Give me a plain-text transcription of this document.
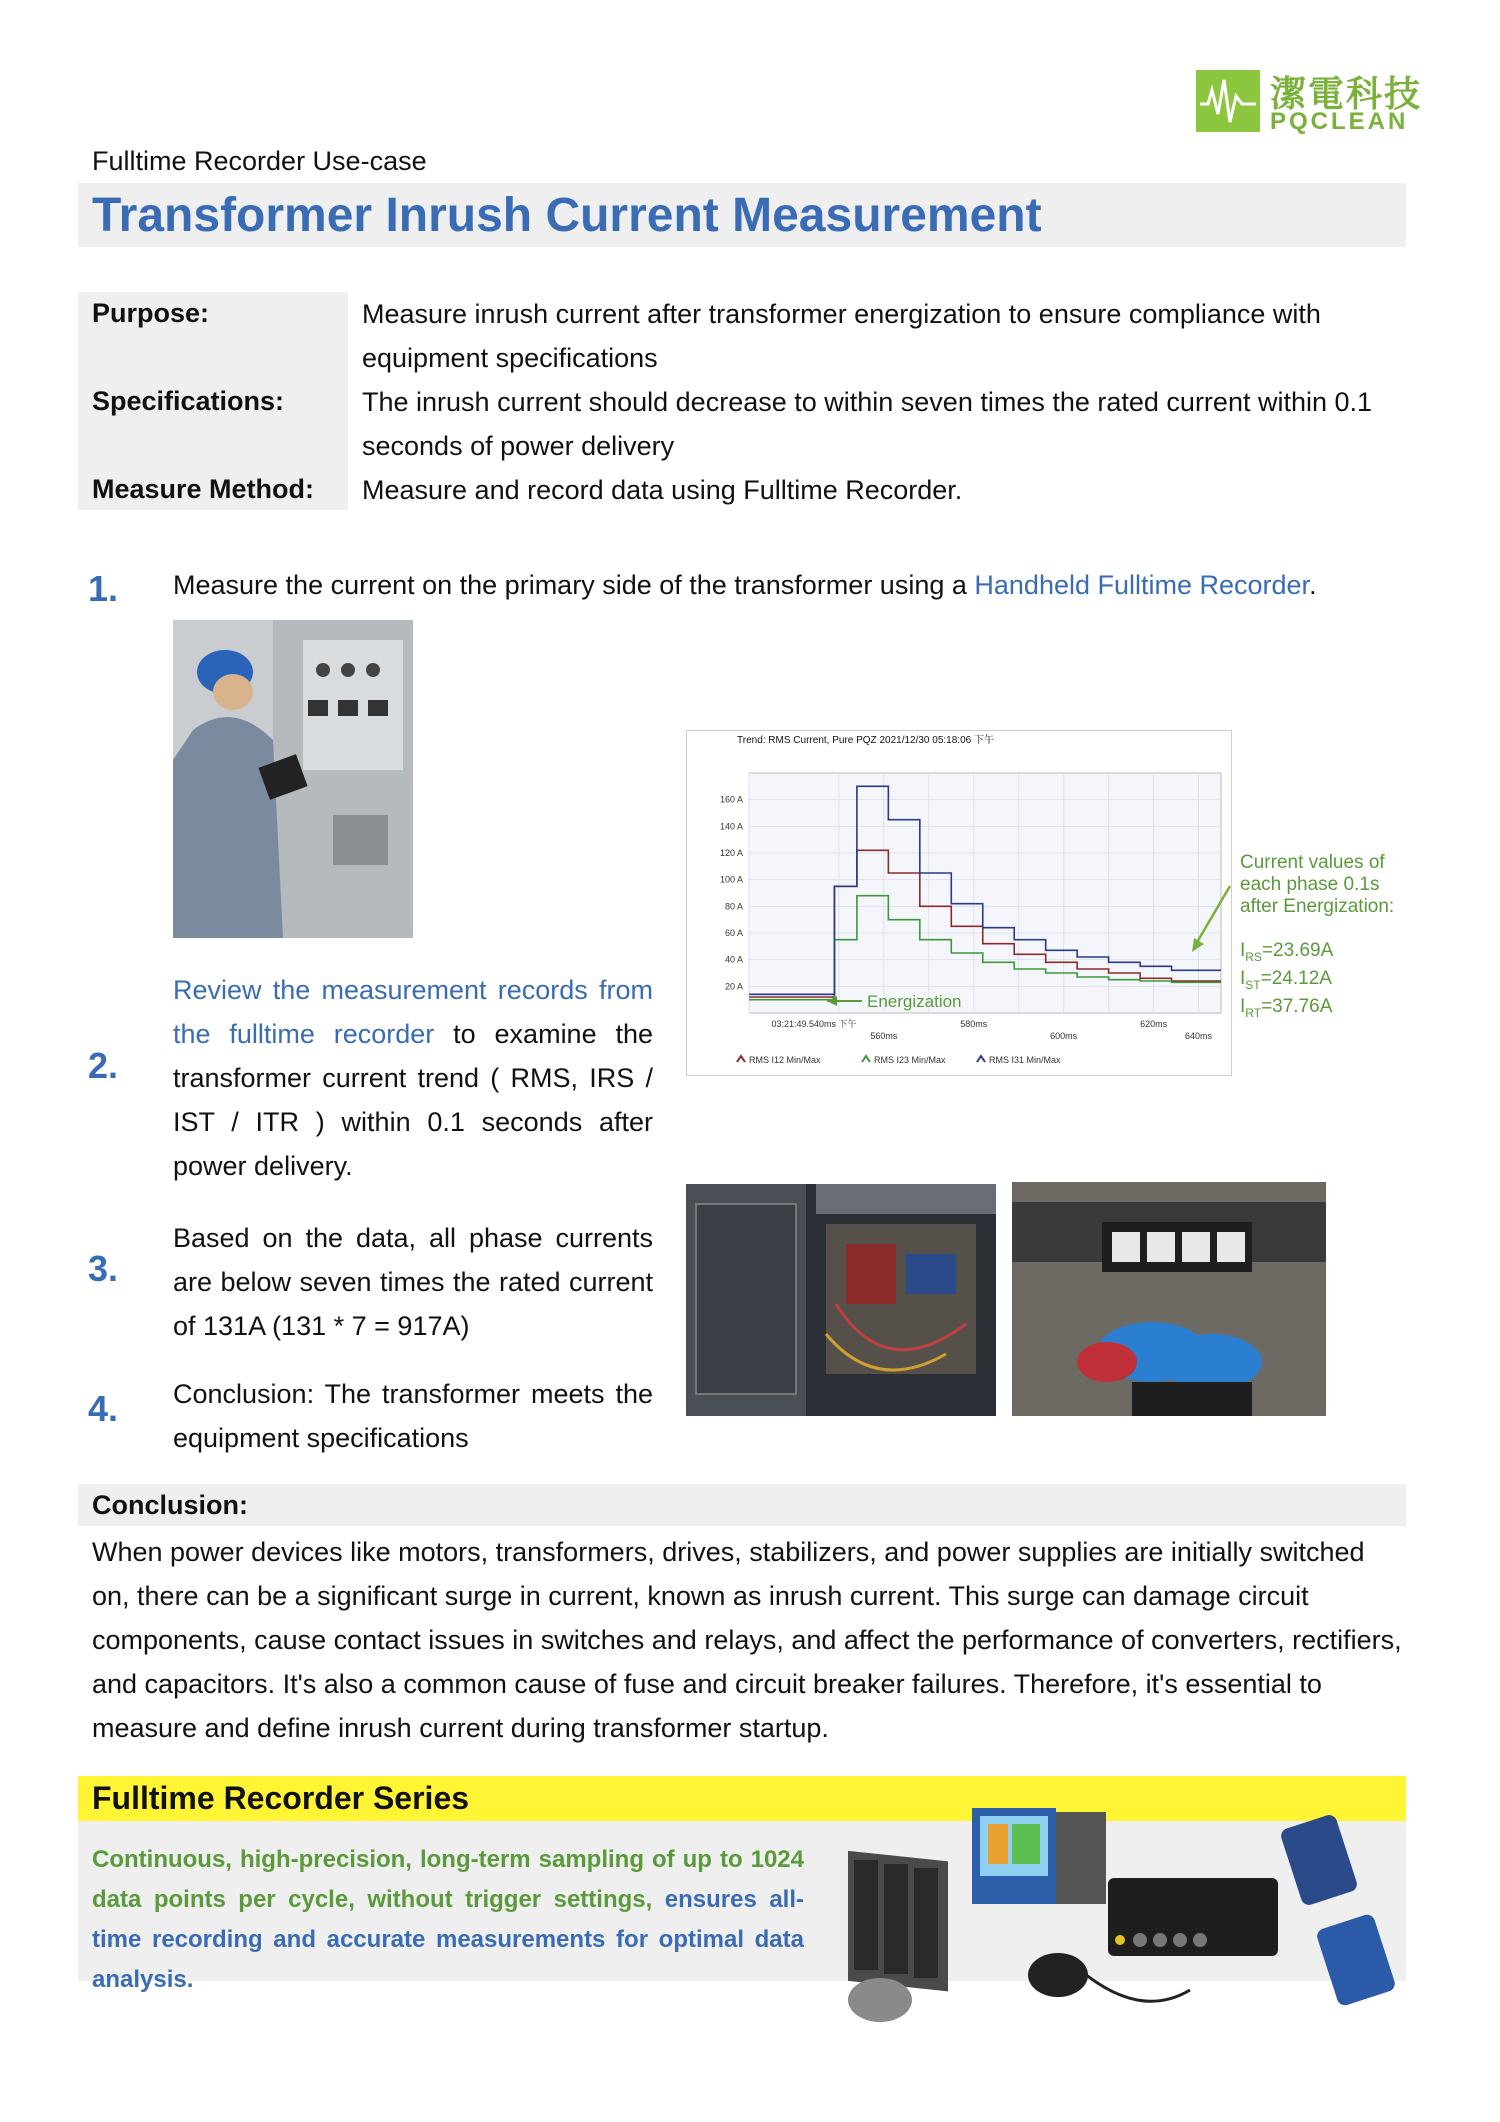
潔電科技
PQCLEAN
Fulltime Recorder Use-case
Transformer Inrush Current Measurement
Purpose:	Measure inrush current after transformer energization to ensure compliance with equipment specifications
Specifications:	The inrush current should decrease to within seven times the rated current within 0.1 seconds of power delivery
Measure Method: Measure and record data using Fulltime Recorder.
1. Measure the current on the primary side of the transformer using a Handheld Fulltime Recorder.
Trend: RMS Current, Pure PQZ 2021/12/30 05:18:06 下午
160 A
140 A
120 A
100 A
80 A
60 A
40 A
20 A
03:21:49.540ms 下午
560ms
580ms
600ms
620ms
640ms
RMS I12 Min/Max	RMS I23 Min/Max	RMS I31 Min/Max
Energization
Current values of each phase 0.1s after Energization:
$I_{RS}=23.69A$
$I_{ST}=24.12A$
$I_{RT}=37.76A$
2.
Review the measurement records from the fulltime recorder to examine the transformer current trend ( RMS, IRS / IST / ITR ) within 0.1 seconds after power delivery.
3.
Based on the data, all phase currents are below seven times the rated current of 131A (131 * 7 = 917A)
4. Conclusion: The transformer meets the equipment specifications
Conclusion:
When power devices like motors, transformers, drives, stabilizers, and power supplies are initially switched on, there can be a significant surge in current, known as inrush current. This surge can damage circuit components, cause contact issues in switches and relays, and affect the performance of converters, rectifiers, and capacitors. It's also a common cause of fuse and circuit breaker failures. Therefore, it's essential to measure and define inrush current during transformer startup.
Fulltime Recorder Series
Continuous, high-precision, long-term sampling of up to 1024 data points per cycle, without trigger settings, ensures all-time recording and accurate measurements for optimal data analysis.
